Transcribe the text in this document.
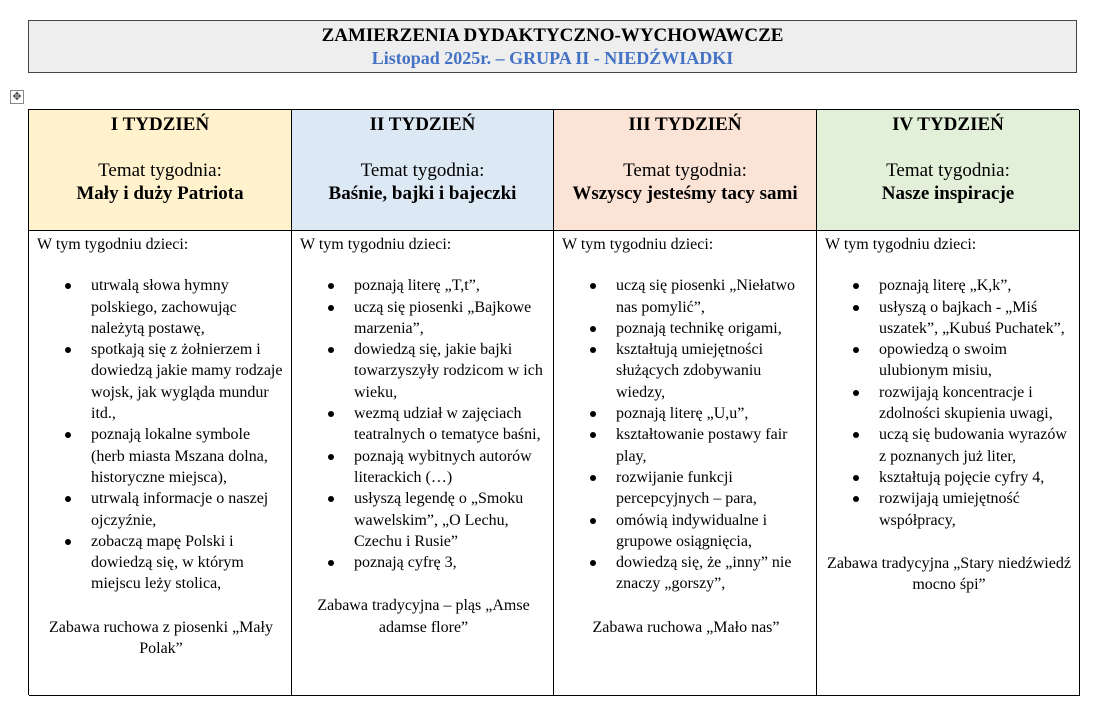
ZAMIERZENIA DYDAKTYCZNO-WYCHOWAWCZE
Listopad 2025r. – GRUPA II - NIEDŹWIADKI
✥
I TYDZIEŃ
Temat tygodnia:
Mały i duży Patriota
II TYDZIEŃ
Temat tygodnia:
Baśnie, bajki i bajeczki
III TYDZIEŃ
Temat tygodnia:
Wszyscy jesteśmy tacy sami
IV TYDZIEŃ
Temat tygodnia:
Nasze inspiracje

W tym tygodniu dzieci:

utrwalą słowa hymny polskiego, zachowując należytą postawę,
spotkają się z żołnierzem i dowiedzą jakie mamy rodzaje wojsk, jak wygląda mundur itd.,
poznają lokalne symbole (herb miasta Mszana dolna, historyczne miejsca),
utrwalą informacje o naszej ojczyźnie,
zobaczą mapę Polski i dowiedzą się, w którym miejscu leży stolica,
Zabawa ruchowa z piosenki „Mały Polak”

W tym tygodniu dzieci:

poznają literę „T,t”,
uczą się piosenki „Bajkowe marzenia”,
dowiedzą się, jakie bajki towarzyszyły rodzicom w ich wieku,
wezmą udział w zajęciach teatralnych o tematyce baśni,
poznają wybitnych autorów literackich (…)
usłyszą legendę o „Smoku wawelskim”, „O Lechu, Czechu i Rusie”
poznają cyfrę 3,
Zabawa tradycyjna – pląs „Amse adamse flore”

W tym tygodniu dzieci:

uczą się piosenki „Niełatwo nas pomylić”,
poznają technikę origami,
kształtują umiejętności służących zdobywaniu wiedzy,
poznają literę „U,u”,
kształtowanie postawy fair play,
rozwijanie funkcji percepcyjnych – para,
omówią indywidualne i grupowe osiągnięcia,
dowiedzą się, że „inny” nie znaczy „gorszy”,
Zabawa ruchowa „Mało nas”

W tym tygodniu dzieci:

poznają literę „K,k”,
usłyszą o bajkach - „Miś uszatek”, „Kubuś Puchatek”,
opowiedzą o swoim ulubionym misiu,
rozwijają koncentracje i zdolności skupienia uwagi,
uczą się budowania wyrazów z poznanych już liter,
kształtują pojęcie cyfry 4,
rozwijają umiejętność współpracy,
Zabawa tradycyjna „Stary niedźwiedź mocno śpi”
